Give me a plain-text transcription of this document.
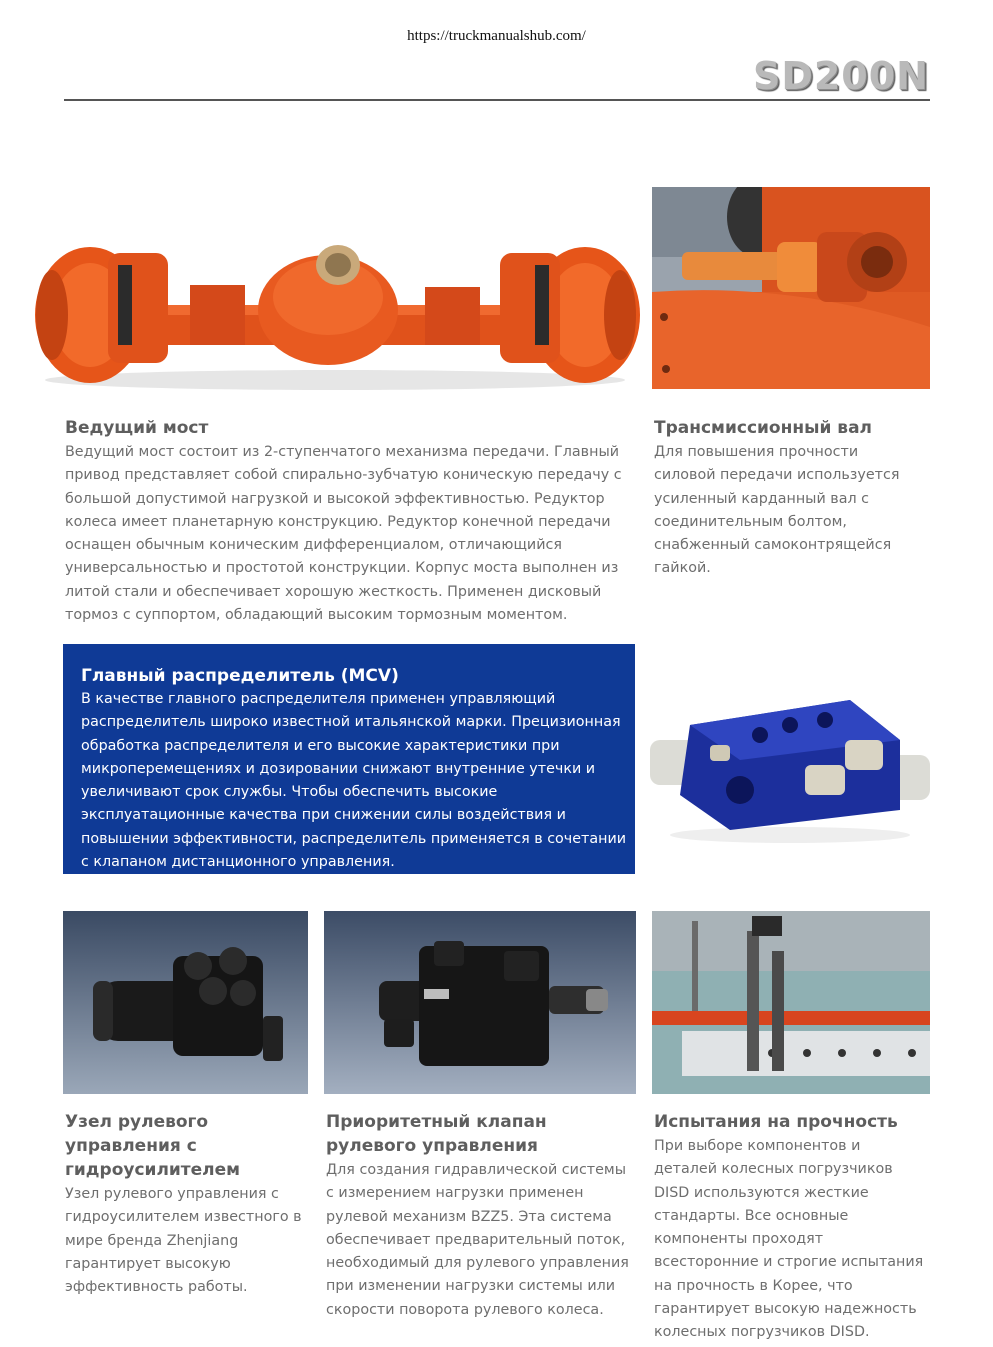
https://truckmanualshub.com/
SD200N
Ведущий мост

Ведущий мост состоит из 2-ступенчатого механизма передачи. Главный привод представляет собой спирально-зубчатую коническую передачу с большой допустимой нагрузкой и высокой эффективностью. Редуктор колеса имеет планетарную конструкцию. Редуктор конечной передачи оснащен обычным коническим дифференциалом, отличающийся универсальностью и простотой конструкции. Корпус моста выполнен из литой стали и обеспечивает хорошую жесткость. Применен дисковый тормоз с суппортом, обладающий высоким тормозным моментом.

Трансмиссионный вал

Для повышения прочности силовой передачи используется усиленный карданный вал с соединительным болтом, снабженный самоконтрящейся гайкой.

Главный распределитель (MCV)

В качестве главного распределителя применен управляющий распределитель широко известной итальянской марки. Прецизионная обработка распределителя и его высокие характеристики при микроперемещениях и дозировании снижают внутренние утечки и увеличивают срок службы. Чтобы обеспечить высокие эксплуатационные качества при снижении силы воздействия и повышении эффективности, распределитель применяется в сочетании с клапаном дистанционного управления.

Узел рулевого управления с гидроусилителем

Узел рулевого управления с гидроусилителем известного в мире бренда Zhenjiang гарантирует высокую эффективность работы.

Приоритетный клапан рулевого управления

Для создания гидравлической системы с измерением нагрузки применен рулевой механизм BZZ5. Эта система обеспечивает предварительный поток, необходимый для рулевого управления при изменении нагрузки системы или скорости поворота рулевого колеса.

Испытания на прочность

При выборе компонентов и деталей колесных погрузчиков DISD используются жесткие стандарты. Все основные компоненты проходят всесторонние и строгие испытания на прочность в Корее, что гарантирует высокую надежность колесных погрузчиков DISD.
